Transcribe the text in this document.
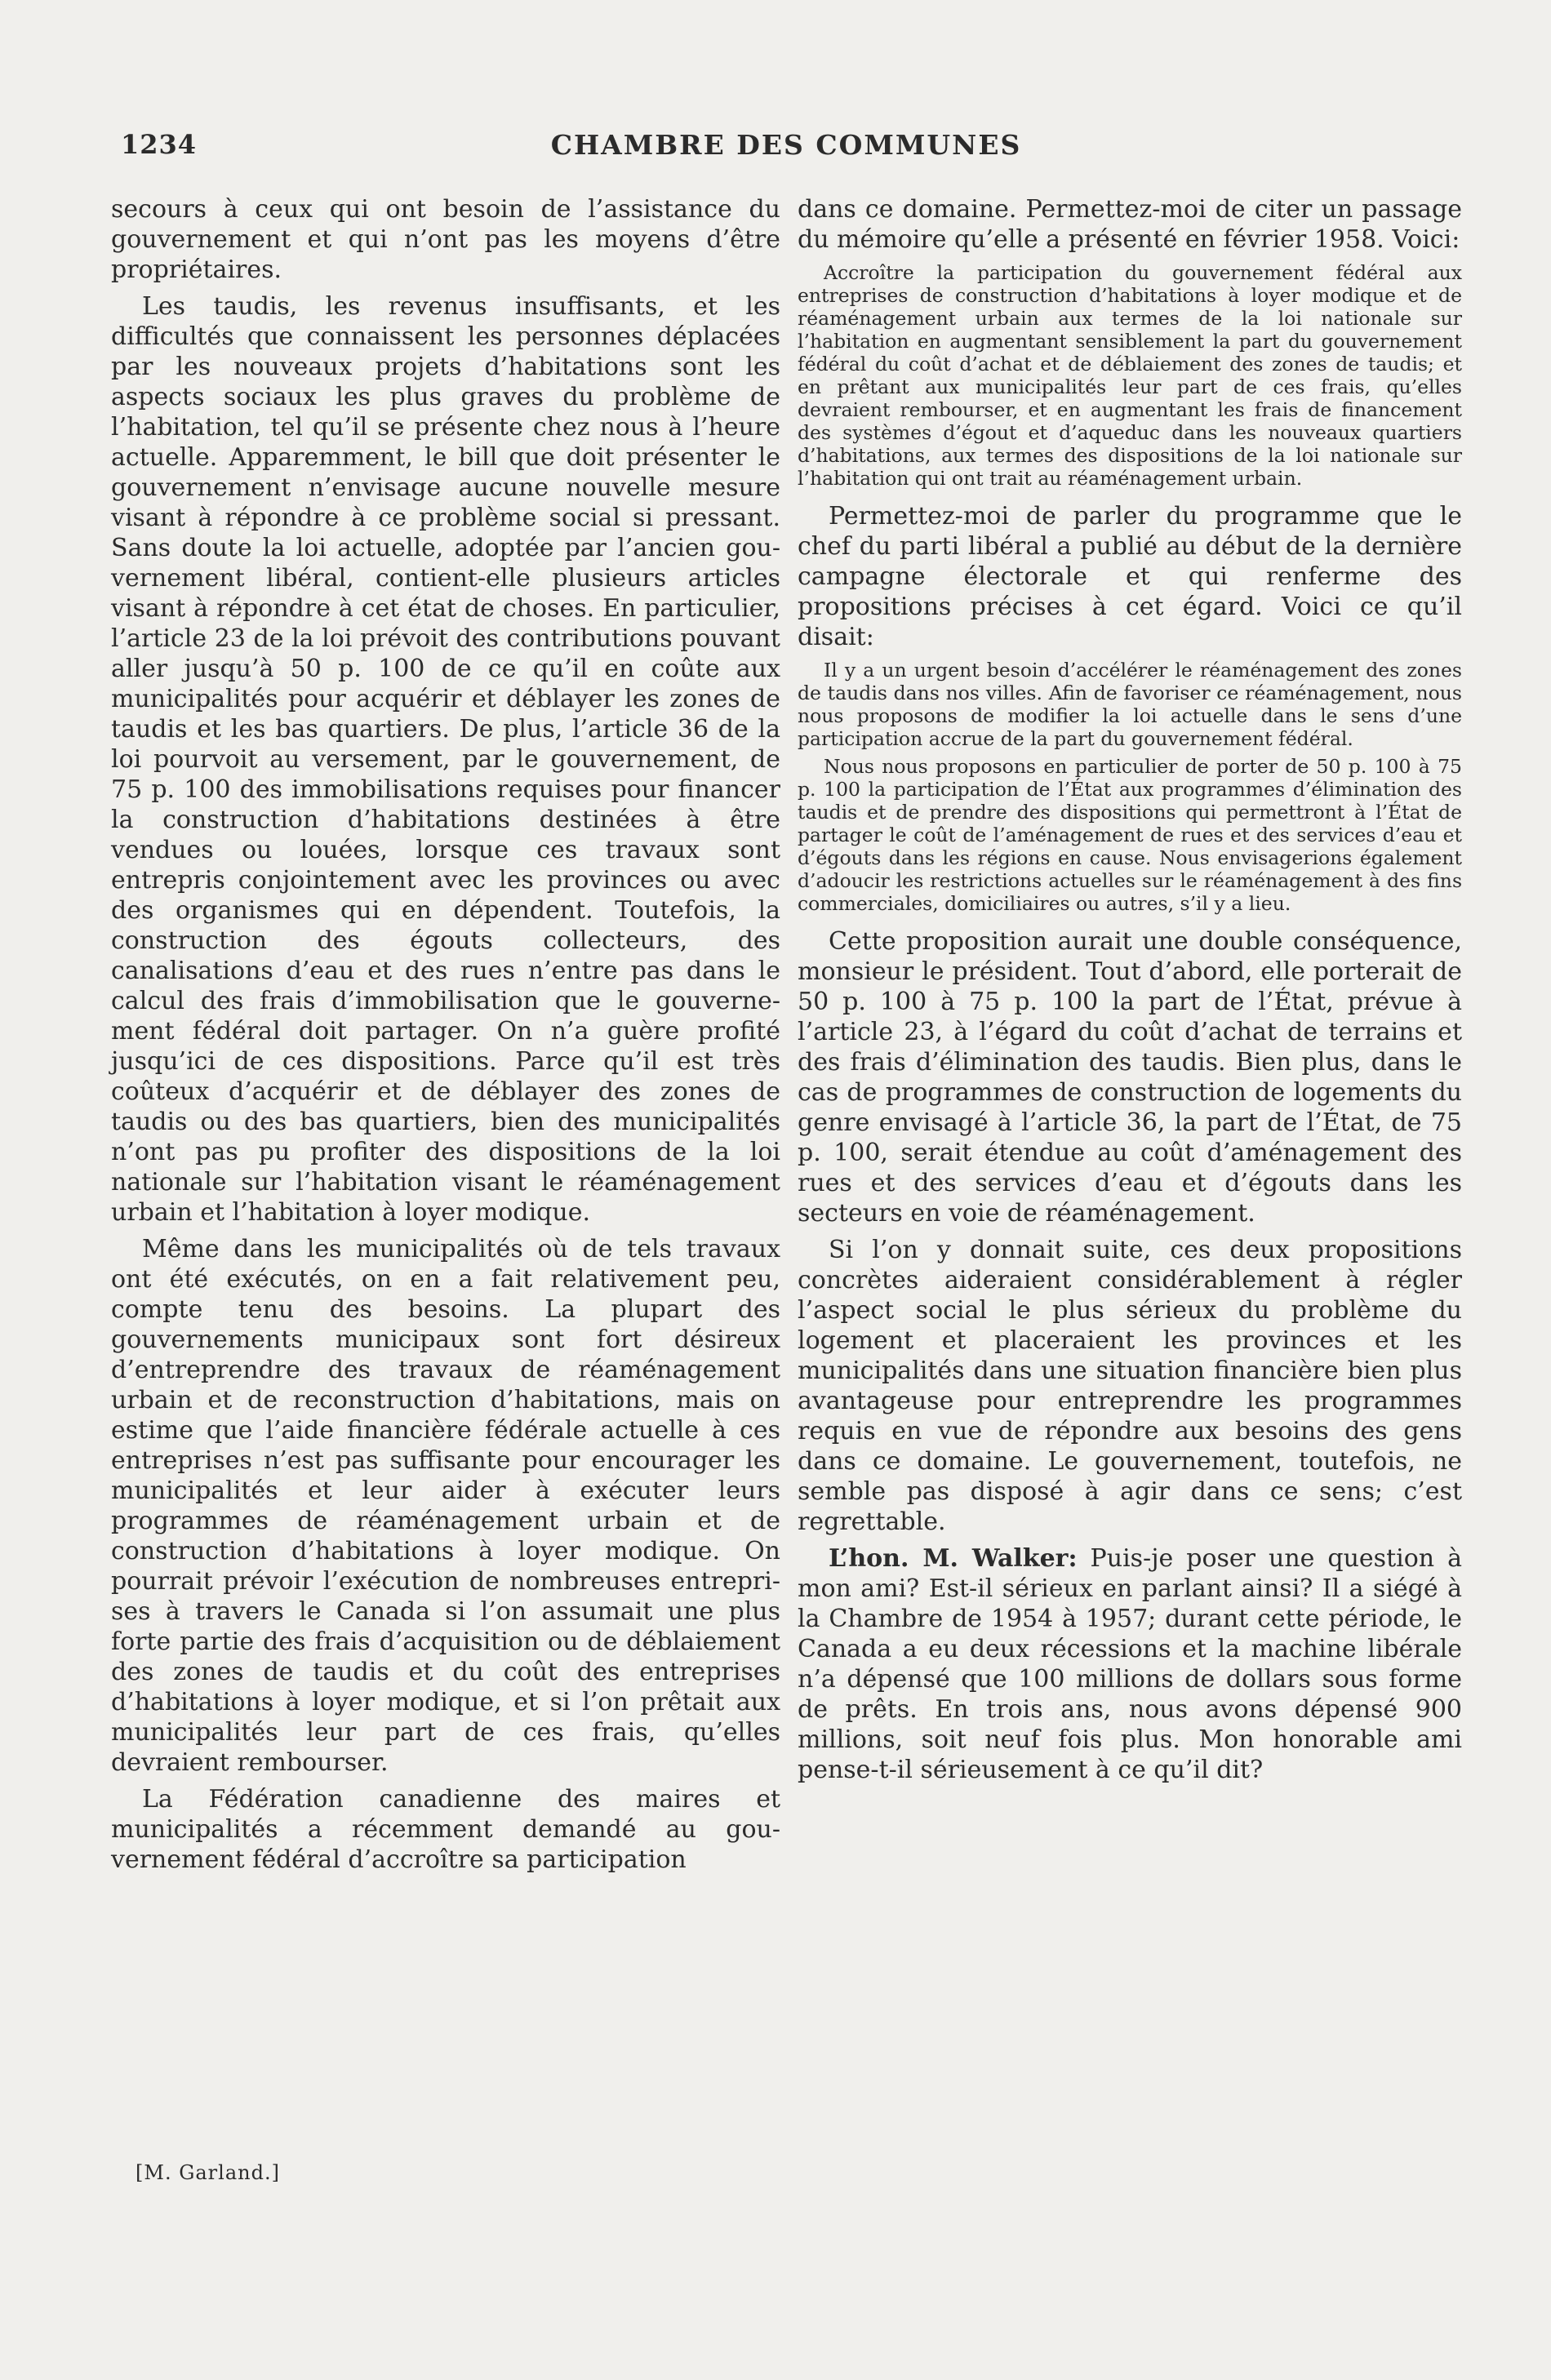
1234	CHAMBRE DES COMMUNES

secours à ceux qui ont besoin de l’assistance du gouvernement et qui n’ont pas les moyens d’être propriétaires.

Les taudis, les revenus insuffisants, et les difficultés que connaissent les personnes déplacées par les nouveaux projets d’habitations sont les aspects sociaux les plus graves du problème de l’habitation, tel qu’il se présente chez nous à l’heure actuelle. Apparemment, le bill que doit présenter le gouvernement n’envisage aucune nouvelle mesure visant à répondre à ce problème social si pressant. Sans doute la loi actuelle, adoptée par l’ancien gouvernement libéral, contient-elle plusieurs articles visant à répondre à cet état de choses. En particulier, l’article 23 de la loi prévoit des contributions pouvant aller jusqu’à 50 p. 100 de ce qu’il en coûte aux municipalités pour acquérir et déblayer les zones de taudis et les bas quartiers. De plus, l’article 36 de la loi pourvoit au versement, par le gouvernement, de 75 p. 100 des immobilisations requises pour financer la construction d’habitations destinées à être vendues ou louées, lorsque ces travaux sont entrepris conjointement avec les provinces ou avec des organismes qui en dépendent. Toutefois, la construction des égouts collecteurs, des canalisations d’eau et des rues n’entre pas dans le calcul des frais d’immobilisation que le gouvernement fédéral doit partager. On n’a guère profité jusqu’ici de ces dispositions. Parce qu’il est très coûteux d’acquérir et de déblayer des zones de taudis ou des bas quartiers, bien des municipalités n’ont pas pu profiter des dispositions de la loi nationale sur l’habitation visant le réaménagement urbain et l’habitation à loyer modique.

Même dans les municipalités où de tels travaux ont été exécutés, on en a fait relativement peu, compte tenu des besoins. La plupart des gouvernements municipaux sont fort désireux d’entreprendre des travaux de réaménagement urbain et de reconstruction d’habitations, mais on estime que l’aide financière fédérale actuelle à ces entreprises n’est pas suffisante pour encourager les municipalités et leur aider à exécuter leurs programmes de réaménagement urbain et de construction d’habitations à loyer modique. On pourrait prévoir l’exécution de nombreuses entreprises à travers le Canada si l’on assumait une plus forte partie des frais d’acquisition ou de déblaiement des zones de taudis et du coût des entreprises d’habitations à loyer modique, et si l’on prêtait aux municipalités leur part de ces frais, qu’elles devraient rembourser.

La Fédération canadienne des maires et municipalités a récemment demandé au gouvernement fédéral d’accroître sa participation

[M. Garland.]

dans ce domaine. Permettez-moi de citer un passage du mémoire qu’elle a présenté en février 1958. Voici:

Accroître la participation du gouvernement fédéral aux entreprises de construction d’habitations à loyer modique et de réaménagement urbain aux termes de la loi nationale sur l’habitation en augmentant sensiblement la part du gouvernement fédéral du coût d’achat et de déblaiement des zones de taudis; et en prêtant aux municipalités leur part de ces frais, qu’elles devraient rembourser, et en augmentant les frais de financement des systèmes d’égout et d’aqueduc dans les nouveaux quartiers d’habitations, aux termes des dispositions de la loi nationale sur l’habitation qui ont trait au réaménagement urbain.

Permettez-moi de parler du programme que le chef du parti libéral a publié au début de la dernière campagne électorale et qui renferme des propositions précises à cet égard. Voici ce qu’il disait:

Il y a un urgent besoin d’accélérer le réaménagement des zones de taudis dans nos villes. Afin de favoriser ce réaménagement, nous nous proposons de modifier la loi actuelle dans le sens d’une participation accrue de la part du gouvernement fédéral.

Nous nous proposons en particulier de porter de 50 p. 100 à 75 p. 100 la participation de l’État aux programmes d’élimination des taudis et de prendre des dispositions qui permettront à l’État de partager le coût de l’aménagement de rues et des services d’eau et d’égouts dans les régions en cause. Nous envisagerions également d’adoucir les restrictions actuelles sur le réaménagement à des fins commerciales, domiciliaires ou autres, s’il y a lieu.

Cette proposition aurait une double conséquence, monsieur le président. Tout d’abord, elle porterait de 50 p. 100 à 75 p. 100 la part de l’État, prévue à l’article 23, à l’égard du coût d’achat de terrains et des frais d’élimination des taudis. Bien plus, dans le cas de programmes de construction de logements du genre envisagé à l’article 36, la part de l’État, de 75 p. 100, serait étendue au coût d’aménagement des rues et des services d’eau et d’égouts dans les secteurs en voie de réaménagement.

Si l’on y donnait suite, ces deux propositions concrètes aideraient considérablement à régler l’aspect social le plus sérieux du problème du logement et placeraient les provinces et les municipalités dans une situation financière bien plus avantageuse pour entreprendre les programmes requis en vue de répondre aux besoins des gens dans ce domaine. Le gouvernement, toutefois, ne semble pas disposé à agir dans ce sens; c’est regrettable.

L’hon. M. Walker: Puis-je poser une question à mon ami? Est-il sérieux en parlant ainsi? Il a siégé à la Chambre de 1954 à 1957; durant cette période, le Canada a eu deux récessions et la machine libérale n’a dépensé que 100 millions de dollars sous forme de prêts. En trois ans, nous avons dépensé 900 millions, soit neuf fois plus. Mon honorable ami pense-t-il sérieusement à ce qu’il dit?
